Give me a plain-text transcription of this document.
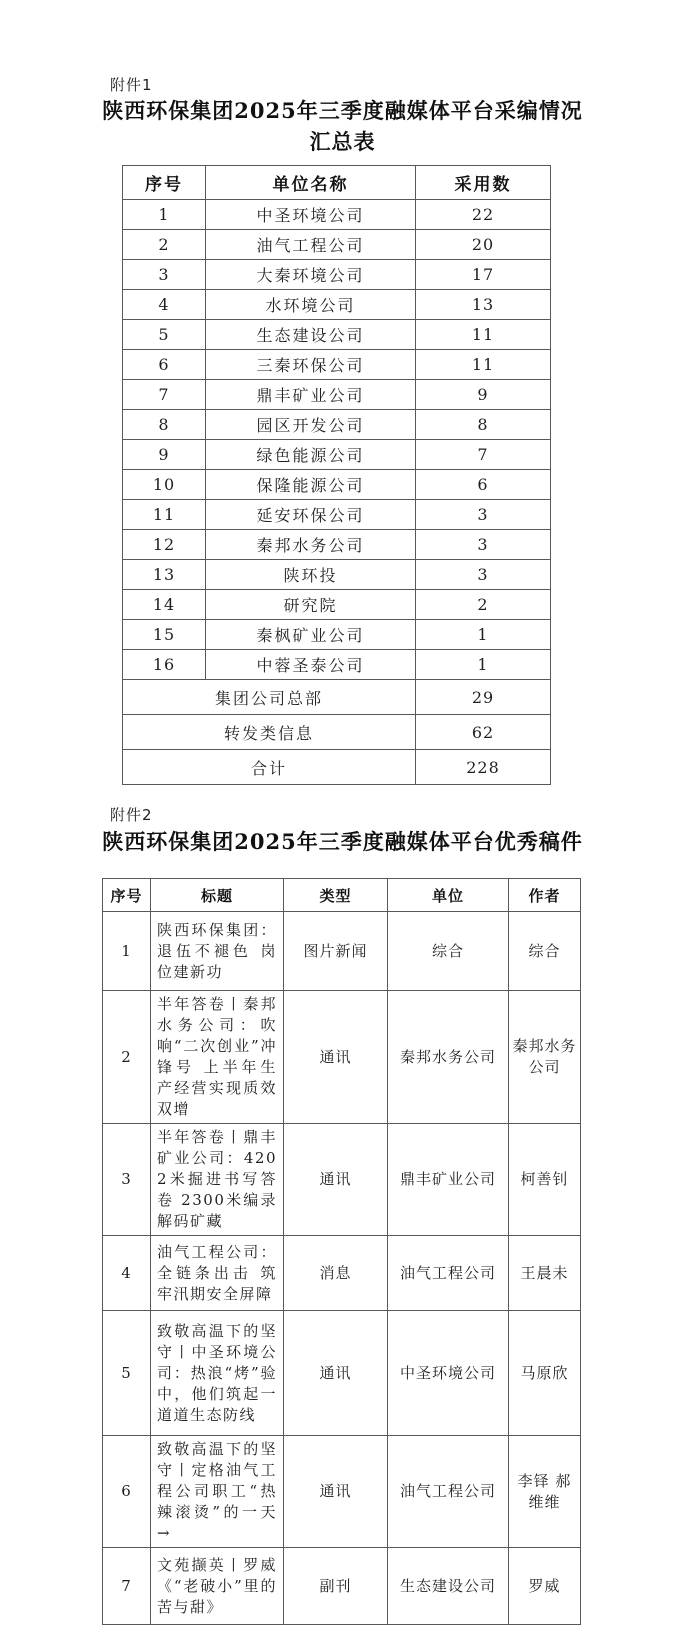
附件1
陕西环保集团2025年三季度融媒体平台采编情况
汇总表
序号	单位名称	采用数
1	中圣环境公司	22
2	油气工程公司	20
3	大秦环境公司	17
4	水环境公司	13
5	生态建设公司	11
6	三秦环保公司	11
7	鼎丰矿业公司	9
8	园区开发公司	8
9	绿色能源公司	7
10	保隆能源公司	6
11	延安环保公司	3
12	秦邦水务公司	3
13	陕环投	3
14	研究院	2
15	秦枫矿业公司	1
16	中蓉圣泰公司	1
集团公司总部		29
转发类信息		62
合计		228
附件2
陕西环保集团2025年三季度融媒体平台优秀稿件
序号	标题	类型	单位	作者
1	陕西环保集团：退伍不褪色 岗位建新功	图片新闻	综合	综合
2	半年答卷丨秦邦水务公司：吹响“二次创业”冲锋号 上半年生产经营实现质效双增	通讯	秦邦水务公司	秦邦水务公司
3	半年答卷丨鼎丰矿业公司：4202米掘进书写答卷 2300米编录解码矿藏	通讯	鼎丰矿业公司	柯善钊
4	油气工程公司：全链条出击 筑牢汛期安全屏障	消息	油气工程公司	王晨未
5	致敬高温下的坚守丨中圣环境公司：热浪“烤”验中，他们筑起一道道生态防线	通讯	中圣环境公司	马原欣
6	致敬高温下的坚守丨定格油气工程公司职工“热辣滚烫”的一天→	通讯	油气工程公司	李铎 郝维维
7	文苑撷英丨罗威《“老破小”里的苦与甜》	副刊	生态建设公司	罗威
